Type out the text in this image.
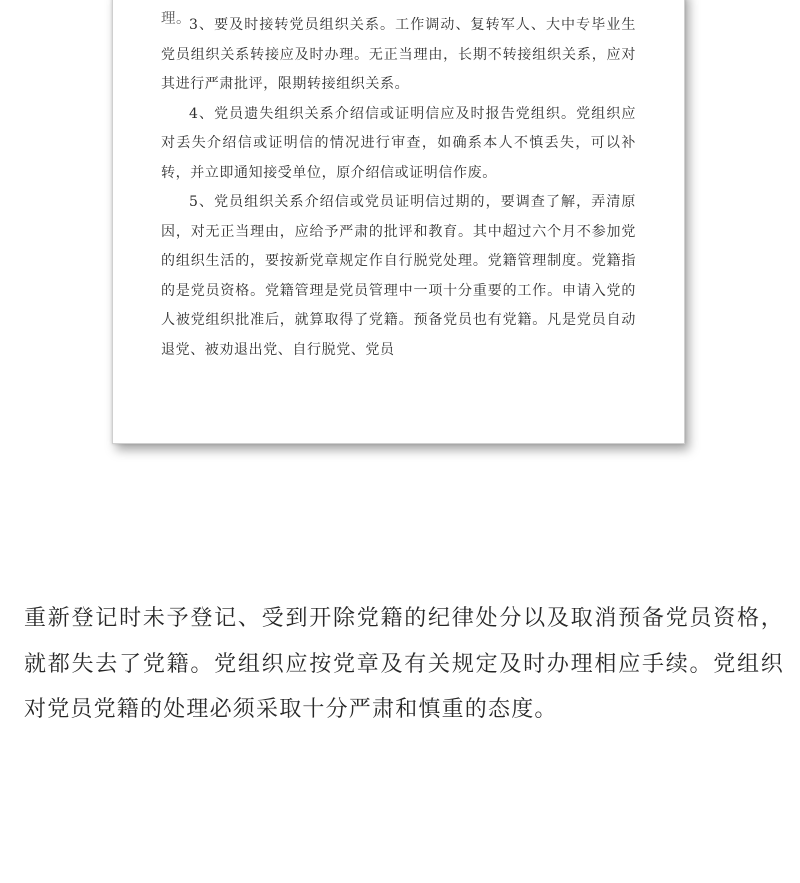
理。

3、要及时接转党员组织关系。工作调动、复转军人、大中专毕业生党员组织关系转接应及时办理。无正当理由，长期不转接组织关系，应对其进行严肃批评，限期转接组织关系。

4、党员遗失组织关系介绍信或证明信应及时报告党组织。党组织应对丢失介绍信或证明信的情况进行审查，如确系本人不慎丢失，可以补转，并立即通知接受单位，原介绍信或证明信作废。

5、党员组织关系介绍信或党员证明信过期的，要调查了解，弄清原因，对无正当理由，应给予严肃的批评和教育。其中超过六个月不参加党的组织生活的，要按新党章规定作自行脱党处理。党籍管理制度。党籍指的是党员资格。党籍管理是党员管理中一项十分重要的工作。申请入党的人被党组织批准后，就算取得了党籍。预备党员也有党籍。凡是党员自动退党、被劝退出党、自行脱党、党员

重新登记时未予登记、受到开除党籍的纪律处分以及取消预备党员资格，就都失去了党籍。党组织应按党章及有关规定及时办理相应手续。党组织对党员党籍的处理必须采取十分严肃和慎重的态度。
